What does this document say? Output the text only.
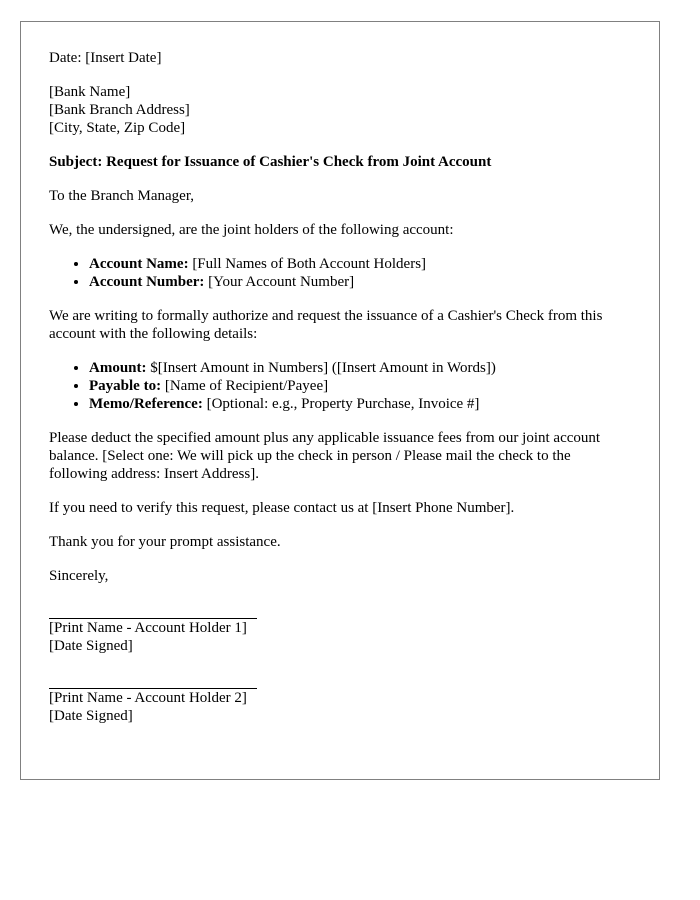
Date: [Insert Date]

[Bank Name]

[Bank Branch Address]

[City, State, Zip Code]

Subject: Request for Issuance of Cashier's Check from Joint Account

To the Branch Manager,

We, the undersigned, are the joint holders of the following account:

• Account Name: [Full Names of Both Account Holders]
• Account Number: [Your Account Number]

We are writing to formally authorize and request the issuance of a Cashier's Check from this account with the following details:

• Amount: $[Insert Amount in Numbers] ([Insert Amount in Words])
• Payable to: [Name of Recipient/Payee]
• Memo/Reference: [Optional: e.g., Property Purchase, Invoice #]

Please deduct the specified amount plus any applicable issuance fees from our joint account balance. [Select one: We will pick up the check in person / Please mail the check to the following address: Insert Address].

If you need to verify this request, please contact us at [Insert Phone Number].

Thank you for your prompt assistance.

Sincerely,

[Print Name - Account Holder 1]

[Date Signed]

[Print Name - Account Holder 2]

[Date Signed]
